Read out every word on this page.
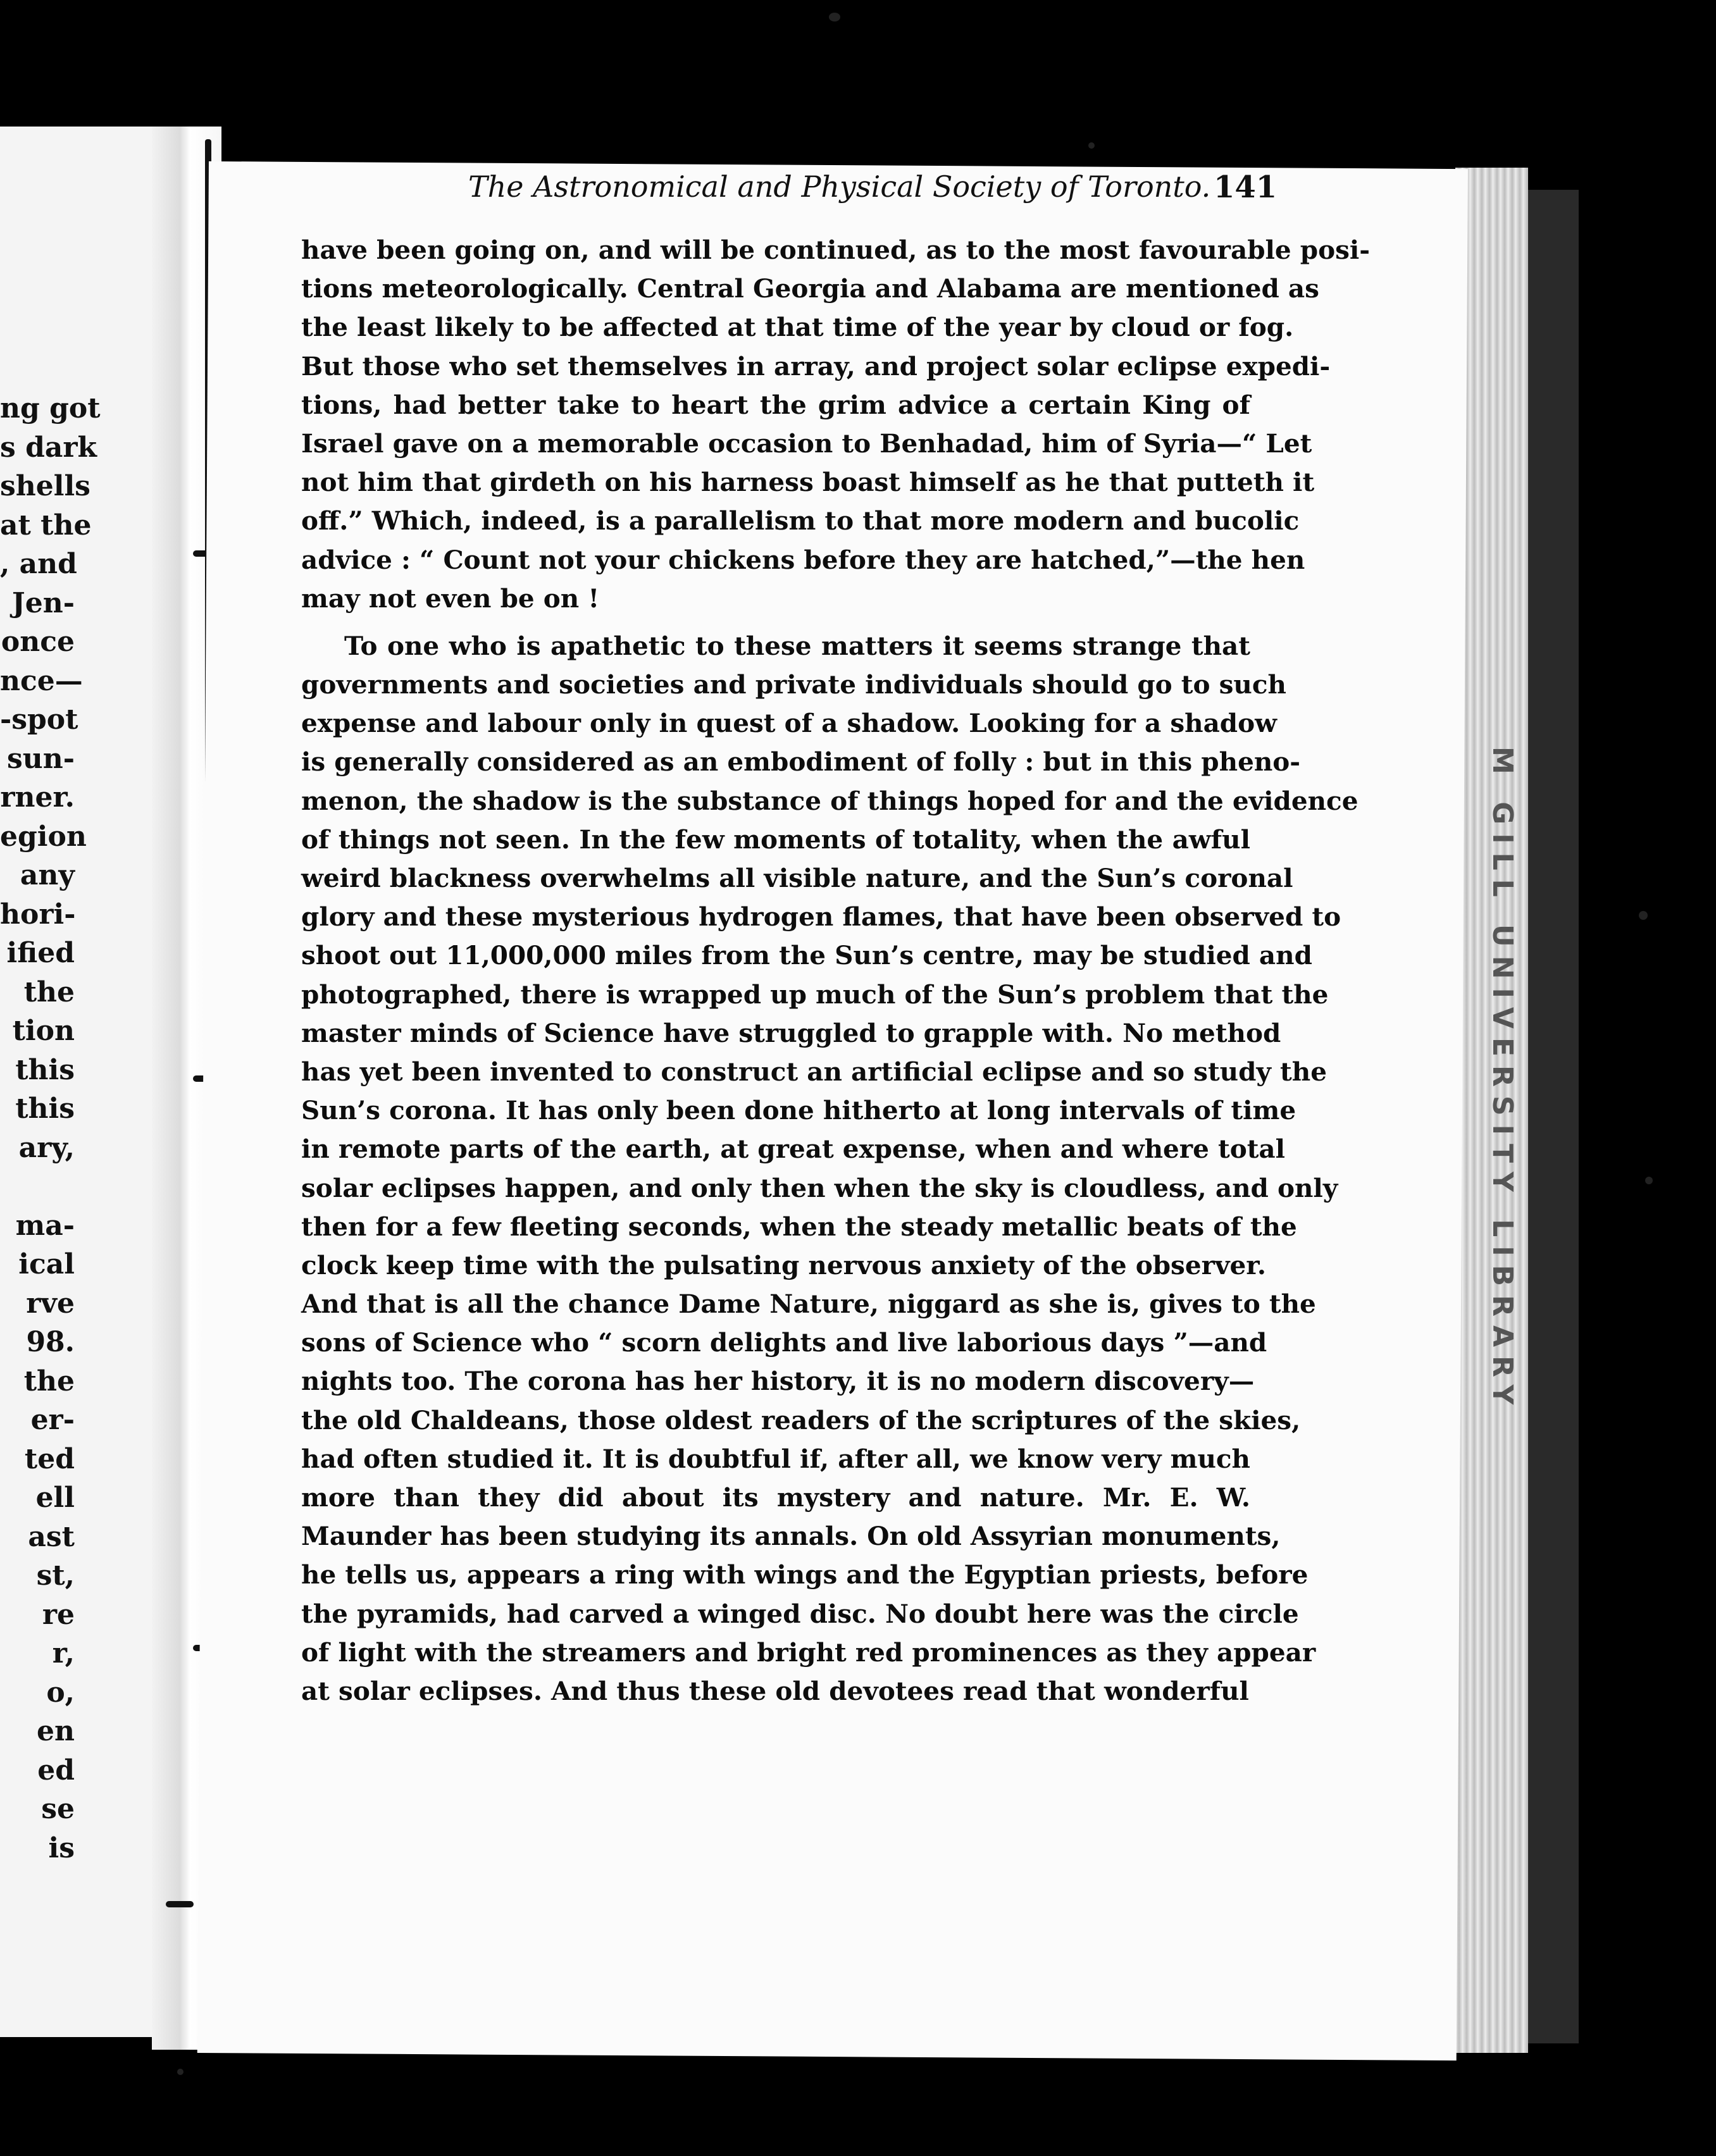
ng got
s dark
shells
at the
, and
Jen-
once
nce—
-spot
sun-
rner.
egion
any
hori-
ified
the
tion
this
this
ary,
ma-
ical
rve
98.
the
er-
ted
ell
ast
st,
re
r,
o,
en
ed
se
is
M GILL UNIVERSITY LIBRARY
The Astronomical and Physical Society of Toronto. 141
have been going on, and will be continued, as to the most favourable posi-
tions meteorologically. Central Georgia and Alabama are mentioned as
the least likely to be affected at that time of the year by cloud or fog.
But those who set themselves in array, and project solar eclipse expedi-
tions, had better take to heart the grim advice a certain King of
Israel gave on a memorable occasion to Benhadad, him of Syria—“ Let
not him that girdeth on his harness boast himself as he that putteth it
off.” Which, indeed, is a parallelism to that more modern and bucolic
advice : “ Count not your chickens before they are hatched,”—the hen
may not even be on !
To one who is apathetic to these matters it seems strange that
governments and societies and private individuals should go to such
expense and labour only in quest of a shadow. Looking for a shadow
is generally considered as an embodiment of folly : but in this pheno-
menon, the shadow is the substance of things hoped for and the evidence
of things not seen. In the few moments of totality, when the awful
weird blackness overwhelms all visible nature, and the Sun’s coronal
glory and these mysterious hydrogen flames, that have been observed to
shoot out 11,000,000 miles from the Sun’s centre, may be studied and
photographed, there is wrapped up much of the Sun’s problem that the
master minds of Science have struggled to grapple with. No method
has yet been invented to construct an artificial eclipse and so study the
Sun’s corona. It has only been done hitherto at long intervals of time
in remote parts of the earth, at great expense, when and where total
solar eclipses happen, and only then when the sky is cloudless, and only
then for a few fleeting seconds, when the steady metallic beats of the
clock keep time with the pulsating nervous anxiety of the observer.
And that is all the chance Dame Nature, niggard as she is, gives to the
sons of Science who “ scorn delights and live laborious days ”—and
nights too. The corona has her history, it is no modern discovery—
the old Chaldeans, those oldest readers of the scriptures of the skies,
had often studied it. It is doubtful if, after all, we know very much
more than they did about its mystery and nature. Mr. E. W.
Maunder has been studying its annals. On old Assyrian monuments,
he tells us, appears a ring with wings and the Egyptian priests, before
the pyramids, had carved a winged disc. No doubt here was the circle
of light with the streamers and bright red prominences as they appear
at solar eclipses. And thus these old devotees read that wonderful
